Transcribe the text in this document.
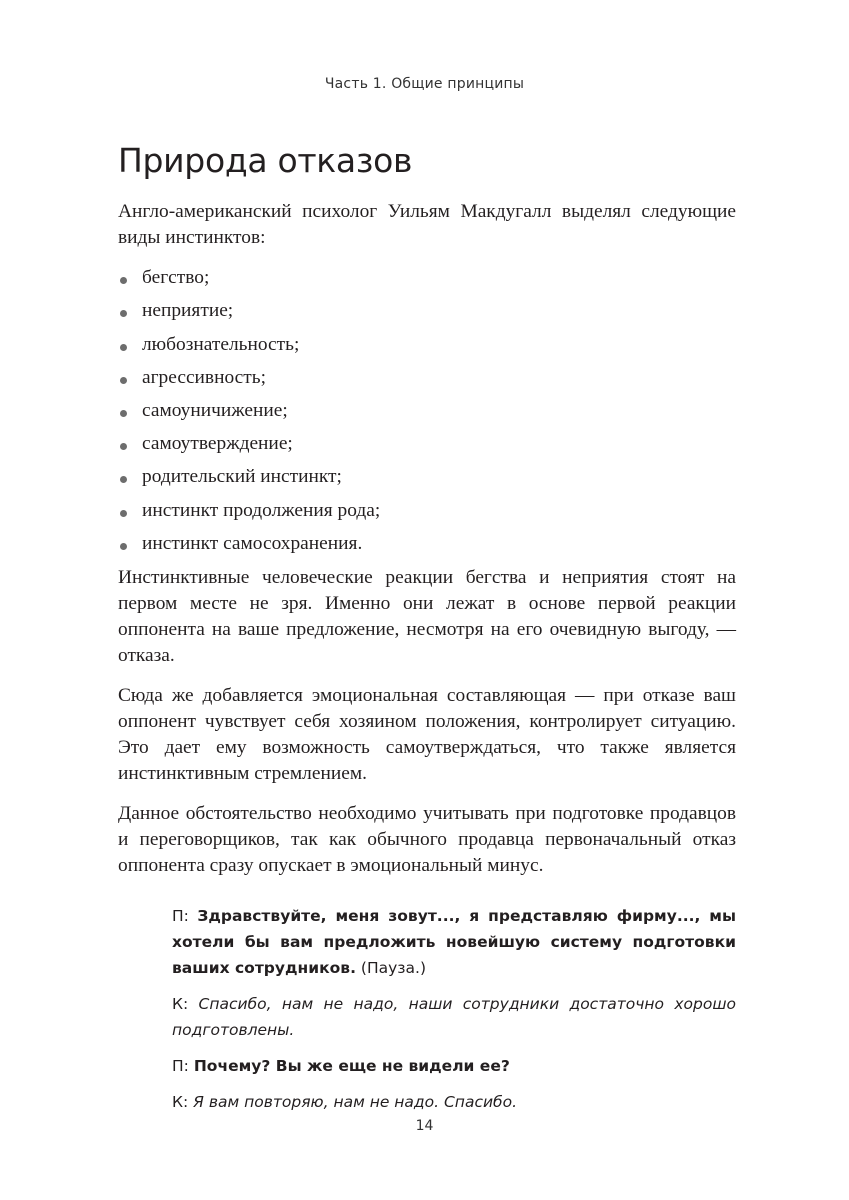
Часть 1. Общие принципы
Природа отказов

Англо-американский психолог Уильям Макдугалл выделял следующие виды инстинктов:

бегство;
неприятие;
любознательность;
агрессивность;
самоуничижение;
самоутверждение;
родительский инстинкт;
инстинкт продолжения рода;
инстинкт самосохранения.

Инстинктивные человеческие реакции бегства и неприятия стоят на первом месте не зря. Именно они лежат в основе первой реакции оппонента на ваше предложение, несмотря на его очевидную выгоду, — отказа.

Сюда же добавляется эмоциональная составляющая — при отказе ваш оппонент чувствует себя хозяином положения, контролирует ситуацию. Это дает ему возможность самоутверждаться, что также является инстинктивным стремлением.

Данное обстоятельство необходимо учитывать при подготовке продавцов и переговорщиков, так как обычного продавца первоначальный отказ оппонента сразу опускает в эмоциональный минус.

П: Здравствуйте, меня зовут..., я представляю фирму..., мы хотели бы вам предложить новейшую систему подготовки ваших сотрудников. (Пауза.)

К: Спасибо, нам не надо, наши сотрудники достаточно хорошо подготовлены.

П: Почему? Вы же еще не видели ее?

К: Я вам повторяю, нам не надо. Спасибо.

14
